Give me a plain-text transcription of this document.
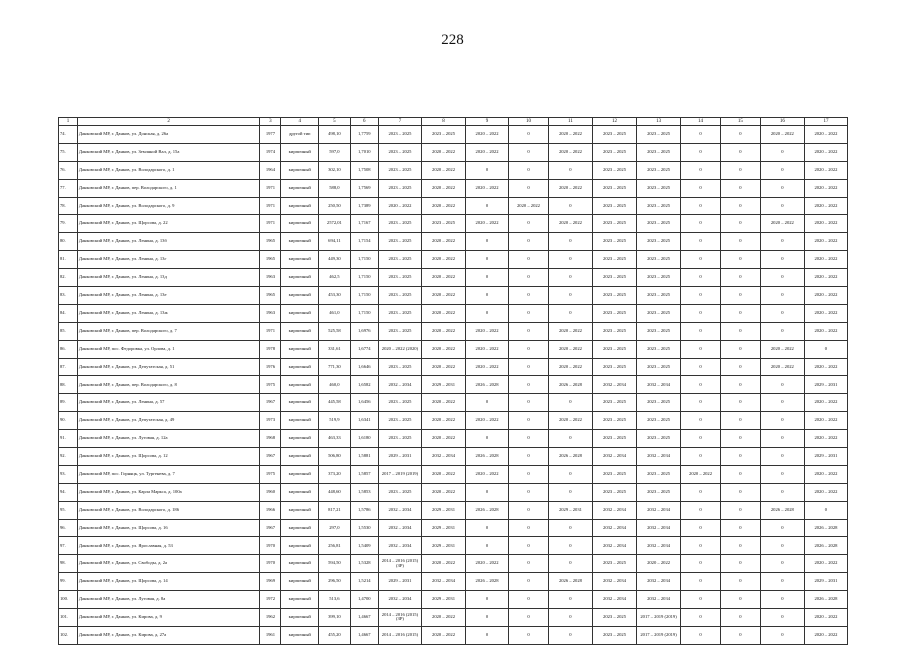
228
1	2	3	4	5	6	7	8	9	10	11	12	13	14	15	16	17
74.	Данковский МР, г. Данков, ул. Донская, д. 26а	1977	другой тип	498,10	1,7759	2023 – 2025	2023 – 2025	2020 – 2022	0	2020 – 2022	2023 – 2025	2023 – 2025	0	0	2020 – 2022	2020 – 2022
75.	Данковский МР, г. Данков, ул. Земляной Вал, д. 15а	1974	кирпичный	597,0	1,7010	2023 – 2025	2020 – 2022	2020 – 2022	0	2020 – 2022	2023 – 2025	2023 – 2025	0	0	0	2020 – 2022
76.	Данковский МР, г. Данков, ул. Володарского, д. 1	1964	кирпичный	302,10	1,7508	2023 – 2025	2020 – 2022	0	0	0	2023 – 2025	2023 – 2025	0	0	0	2020 – 2022
77.	Данковский МР, г. Данков, пер. Володарского, д. 1	1971	кирпичный	588,0	1,7569	2023 – 2025	2020 – 2022	2020 – 2022	0	2020 – 2022	2023 – 2025	2023 – 2025	0	0	0	2020 – 2022
78.	Данковский МР, г. Данков, ул. Володарского, д. 9	1971	кирпичный	250,50	1,7389	2020 – 2022	2020 – 2022	0	2020 – 2022	0	2023 – 2025	2023 – 2025	0	0	0	2020 – 2022
79.	Данковский МР, г. Данков, ул. Щорсова, д. 22	1971	кирпичный	2572,01	1,7167	2023 – 2025	2023 – 2025	2020 – 2022	0	2020 – 2022	2023 – 2025	2023 – 2025	0	0	2020 – 2022	2020 – 2022
80.	Данковский МР, г. Данков, ул. Ленина, д. 13б	1965	кирпичный	694,11	1,7154	2023 – 2025	2020 – 2022	0	0	0	2023 – 2025	2023 – 2025	0	0	0	2020 – 2022
81.	Данковский МР, г. Данков, ул. Ленина, д. 13г	1965	кирпичный	449,30	1,7150	2023 – 2025	2020 – 2022	0	0	0	2023 – 2025	2023 – 2025	0	0	0	2020 – 2022
82.	Данковский МР, г. Данков, ул. Ленина, д. 13д	1963	кирпичный	462,5	1,7150	2023 – 2025	2020 – 2022	0	0	0	2023 – 2025	2023 – 2025	0	0	0	2020 – 2022
83.	Данковский МР, г. Данков, ул. Ленина, д. 13е	1965	кирпичный	453,30	1,7150	2023 – 2025	2020 – 2022	0	0	0	2023 – 2025	2023 – 2025	0	0	0	2020 – 2022
84.	Данковский МР, г. Данков, ул. Ленина, д. 13ж	1963	кирпичный	461,0	1,7150	2023 – 2025	2020 – 2022	0	0	0	2023 – 2025	2023 – 2025	0	0	0	2020 – 2022
85.	Данковский МР, г. Данков, пер. Володарского, д. 7	1971	кирпичный	525,58	1,6976	2023 – 2025	2020 – 2022	2020 – 2022	0	2020 – 2022	2023 – 2025	2023 – 2025	0	0	0	2020 – 2022
86.	Данковский МР, пос. Федоровка, ул. Орлова, д. 1	1978	кирпичный	331,61	1,6774	2020 – 2022 (2020)	2020 – 2022	2020 – 2022	0	2020 – 2022	2023 – 2025	2023 – 2025	0	0	2020 – 2022	0
87.	Данковский МР, г. Данков, ул. Депутатская, д. 51	1976	кирпичный	771,30	1,6646	2023 – 2025	2020 – 2022	2020 – 2022	0	2020 – 2022	2023 – 2025	2023 – 2025	0	0	2020 – 2022	2020 – 2022
88.	Данковский МР, г. Данков, пер. Володарского, д. 8	1975	кирпичный	460,0	1,6582	2032 – 2034	2029 – 2031	2026 – 2028	0	2026 – 2028	2032 – 2034	2032 – 2034	0	0	0	2029 – 2031
89.	Данковский МР, г. Данков, ул. Ленина, д. 57	1967	кирпичный	445,58	1,6456	2023 – 2025	2020 – 2022	0	0	0	2023 – 2025	2023 – 2025	0	0	0	2020 – 2022
90.	Данковский МР, г. Данков, ул. Депутатская, д. 49	1973	кирпичный	519,9	1,6341	2023 – 2025	2020 – 2022	2020 – 2022	0	2020 – 2022	2023 – 2025	2023 – 2025	0	0	0	2020 – 2022
91.	Данковский МР, г. Данков, ул. Луговая, д. 12а	1968	кирпичный	463,33	1,6180	2023 – 2025	2020 – 2022	0	0	0	2023 – 2025	2023 – 2025	0	0	0	2020 – 2022
92.	Данковский МР, г. Данков, ул. Щорсова, д. 12	1967	кирпичный	506,80	1,5881	2029 – 2031	2032 – 2034	2026 – 2028	0	2026 – 2028	2032 – 2034	2032 – 2034	0	0	0	2029 – 2031
93.	Данковский МР, пос. Горняцк, ул. Тургенева, д. 7	1975	кирпичный	373,20	1,5857	2017 – 2019 (2019)	2020 – 2022	2020 – 2022	0	0	2023 – 2025	2023 – 2025	2020 – 2022	0	0	2020 – 2022
94.	Данковский МР, г. Данков, ул. Карла Маркса, д. 100а	1960	кирпичный	448,60	1,5853	2023 – 2025	2020 – 2022	0	0	0	2023 – 2025	2023 – 2025	0	0	0	2020 – 2022
95.	Данковский МР, г. Данков, ул. Володарского, д. 186	1966	кирпичный	817,21	1,5786	2032 – 2034	2029 – 2031	2026 – 2028	0	2029 – 2031	2032 – 2034	2032 – 2034	0	0	2026 – 2028	0
96.	Данковский МР, г. Данков, ул. Щорсова, д. 16	1967	кирпичный	297,0	1,5530	2032 – 2034	2029 – 2031	0	0	0	2032 – 2034	2032 – 2034	0	0	0	2026 – 2028
97.	Данковский МР, г. Данков, ул. Ярославная, д. 53	1970	кирпичный	256,81	1,5409	2032 – 2034	2029 – 2031	0	0	0	2032 – 2034	2032 – 2034	0	0	0	2026 – 2028
98.	Данковский МР, г. Данков, ул. Свободы, д. 2а	1970	кирпичный	594,50	1,5328	2014 – 2016 (2015) (ЗР)	2020 – 2022	2020 – 2022	0	0	2023 – 2025	2020 – 2022	0	0	0	2020 – 2022
99.	Данковский МР, г. Данков, ул. Щорсова, д. 14	1969	кирпичный	296,50	1,5214	2029 – 2031	2032 – 2034	2026 – 2028	0	2026 – 2028	2032 – 2034	2032 – 2034	0	0	0	2029 – 2031
100.	Данковский МР, г. Данков, ул. Луговая, д. 8а	1972	кирпичный	513,6	1,4700	2032 – 2034	2029 – 2031	0	0	0	2032 – 2034	2032 – 2034	0	0	0	2026 – 2028
101.	Данковский МР, г. Данков, ул. Кирова, д. 9	1962	кирпичный	399,10	1,4667	2014 – 2016 (2015) (ЗР)	2020 – 2022	0	0	0	2023 – 2025	2017 – 2019 (2019)	0	0	0	2020 – 2022
102.	Данковский МР, г. Данков, ул. Кирова, д. 27а	1961	кирпичный	455,20	1,4667	2014 – 2016 (2015)	2020 – 2022	0	0	0	2023 – 2025	2017 – 2019 (2019)	0	0	0	2020 – 2022
